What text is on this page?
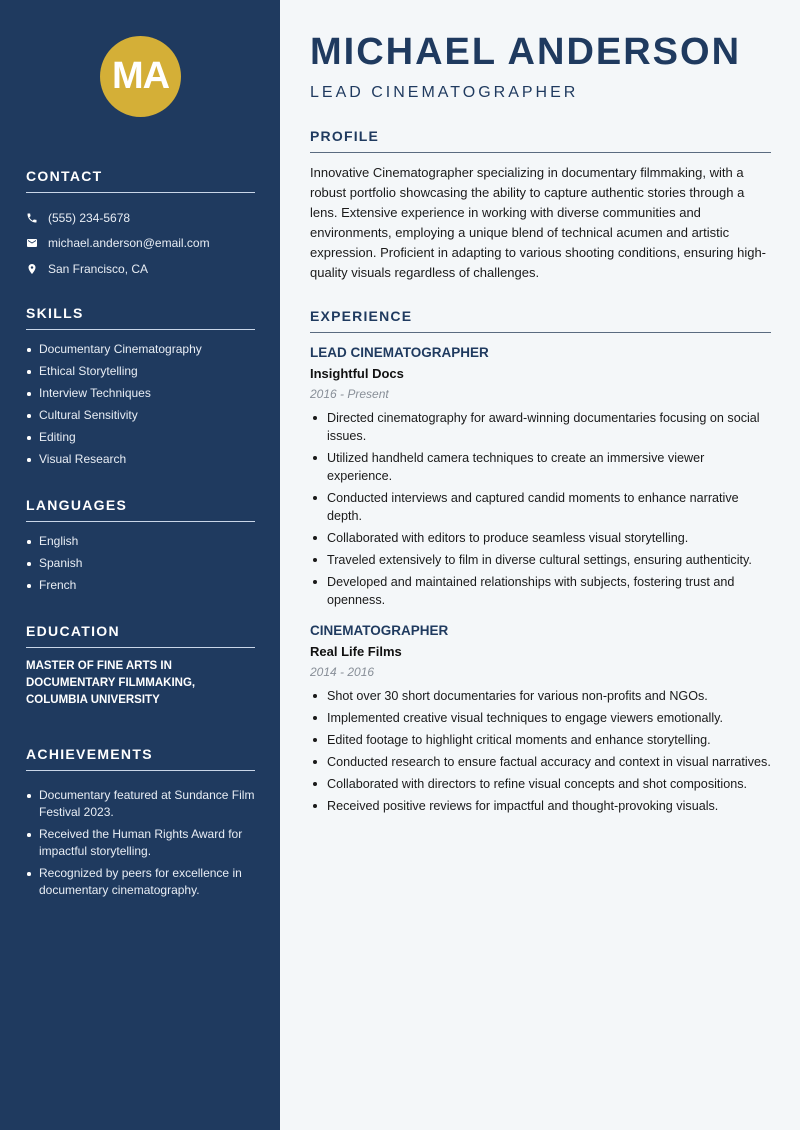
MA
CONTACT
(555) 234-5678
michael.anderson@email.com
San Francisco, CA
SKILLS
Documentary Cinematography
Ethical Storytelling
Interview Techniques
Cultural Sensitivity
Editing
Visual Research
LANGUAGES
English
Spanish
French
EDUCATION

MASTER OF FINE ARTS IN DOCUMENTARY FILMMAKING, COLUMBIA UNIVERSITY

ACHIEVEMENTS
Documentary featured at Sundance Film Festival 2023.
Received the Human Rights Award for impactful storytelling.
Recognized by peers for excellence in documentary cinematography.
MICHAEL ANDERSON
LEAD CINEMATOGRAPHER
PROFILE

Innovative Cinematographer specializing in documentary filmmaking, with a robust portfolio showcasing the ability to capture authentic stories through a lens. Extensive experience in working with diverse communities and environments, employing a unique blend of technical acumen and artistic expression. Proficient in adapting to various shooting conditions, ensuring high-quality visuals regardless of challenges.

EXPERIENCE
LEAD CINEMATOGRAPHER
Insightful Docs
2016 - Present
Directed cinematography for award-winning documentaries focusing on social issues.
Utilized handheld camera techniques to create an immersive viewer experience.
Conducted interviews and captured candid moments to enhance narrative depth.
Collaborated with editors to produce seamless visual storytelling.
Traveled extensively to film in diverse cultural settings, ensuring authenticity.
Developed and maintained relationships with subjects, fostering trust and openness.
CINEMATOGRAPHER
Real Life Films
2014 - 2016
Shot over 30 short documentaries for various non-profits and NGOs.
Implemented creative visual techniques to engage viewers emotionally.
Edited footage to highlight critical moments and enhance storytelling.
Conducted research to ensure factual accuracy and context in visual narratives.
Collaborated with directors to refine visual concepts and shot compositions.
Received positive reviews for impactful and thought-provoking visuals.
